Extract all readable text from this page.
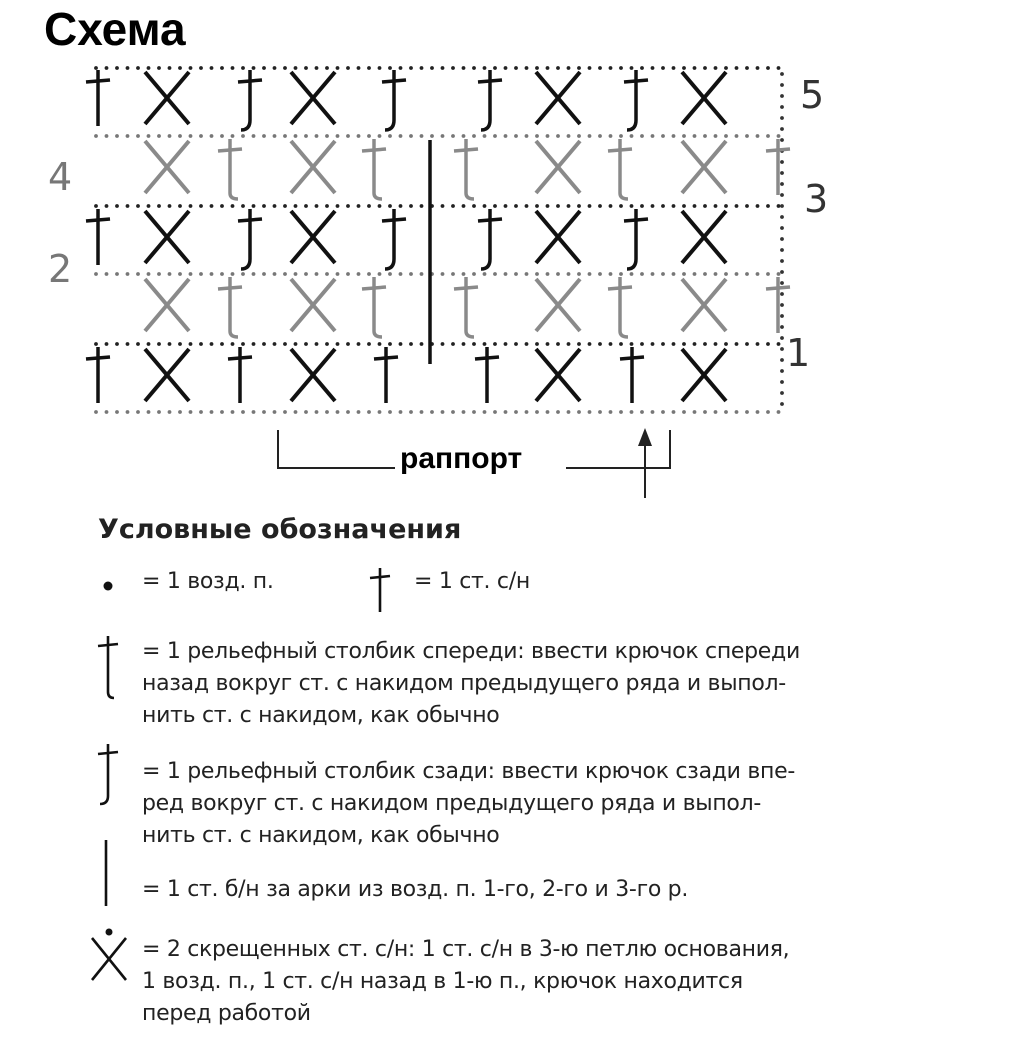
Схема
5
4	3
2
1
раппорт
Условные обозначения
= 1 возд. п.	= 1 ст. с/н
= 1 рельефный столбик спереди: ввести крючок спереди
назад вокруг ст. с накидом предыдущего ряда и выпол-
нить ст. с накидом, как обычно
= 1 рельефный столбик сзади: ввести крючок сзади впе-
ред вокруг ст. с накидом предыдущего ряда и выпол-
нить ст. с накидом, как обычно
= 1 ст. б/н за арки из возд. п. 1-го, 2-го и 3-го р.
= 2 скрещенных ст. с/н: 1 ст. с/н в 3-ю петлю основания,
1 возд. п., 1 ст. с/н назад в 1-ю п., крючок находится
перед работой
